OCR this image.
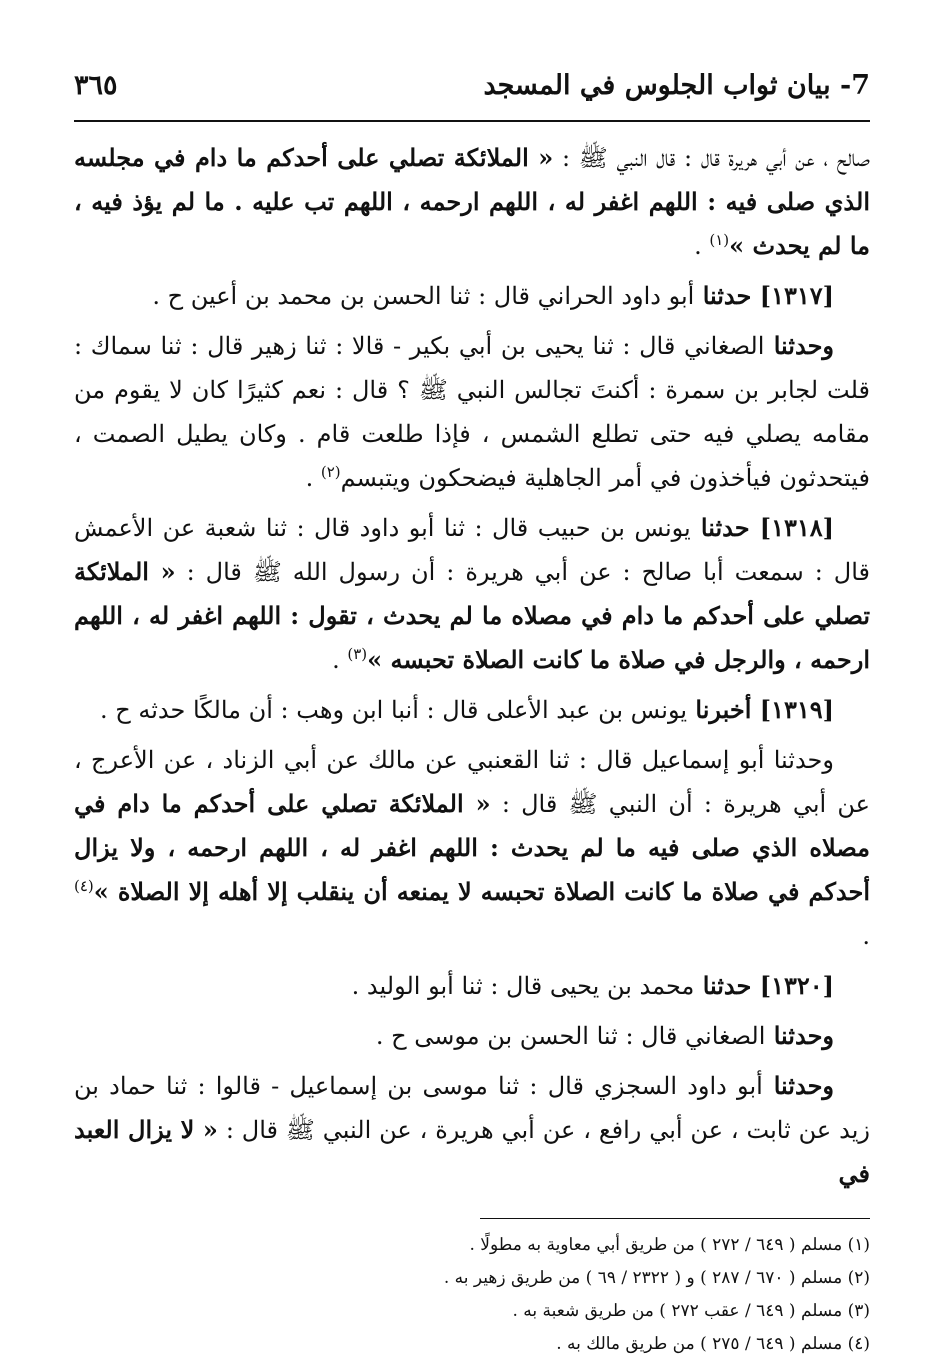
7- بيان ثواب الجلوس في المسجد
٣٦٥

صالح ، عن أبي هريرة قال : قال النبي ﷺ : « الملائكة تصلي على أحدكم ما دام في مجلسه الذي صلى فيه : اللهم اغفر له ، اللهم ارحمه ، اللهم تب عليه . ما لم يؤذ فيه ، ما لم يحدث »$^{(١)}$ .

[١٣١٧] حدثنا أبو داود الحراني قال : ثنا الحسن بن محمد بن أعين ح .

وحدثنا الصغاني قال : ثنا يحيى بن أبي بكير - قالا : ثنا زهير قال : ثنا سماك : قلت لجابر بن سمرة : أكنتَ تجالس النبي ﷺ ؟ قال : نعم كثيرًا كان لا يقوم من مقامه يصلي فيه حتى تطلع الشمس ، فإذا طلعت قام . وكان يطيل الصمت ، فيتحدثون فيأخذون في أمر الجاهلية فيضحكون ويتبسم$^{(٢)}$ .

[١٣١٨] حدثنا يونس بن حبيب قال : ثنا أبو داود قال : ثنا شعبة عن الأعمش قال : سمعت أبا صالح : عن أبي هريرة : أن رسول الله ﷺ قال : « الملائكة تصلي على أحدكم ما دام في مصلاه ما لم يحدث ، تقول : اللهم اغفر له ، اللهم ارحمه ، والرجل في صلاة ما كانت الصلاة تحبسه »$^{(٣)}$ .

[١٣١٩] أخبرنا يونس بن عبد الأعلى قال : أنبا ابن وهب : أن مالكًا حدثه ح .

وحدثنا أبو إسماعيل قال : ثنا القعنبي عن مالك عن أبي الزناد ، عن الأعرج ، عن أبي هريرة : أن النبي ﷺ قال : « الملائكة تصلي على أحدكم ما دام في مصلاه الذي صلى فيه ما لم يحدث : اللهم اغفر له ، اللهم ارحمه ، ولا يزال أحدكم في صلاة ما كانت الصلاة تحبسه لا يمنعه أن ينقلب إلا أهله إلا الصلاة »$^{(٤)}$ .

[١٣٢٠] حدثنا محمد بن يحيى قال : ثنا أبو الوليد .

وحدثنا الصغاني قال : ثنا الحسن بن موسى ح .

وحدثنا أبو داود السجزي قال : ثنا موسى بن إسماعيل - قالوا : ثنا حماد بن زيد عن ثابت ، عن أبي رافع ، عن أبي هريرة ، عن النبي ﷺ قال : « لا يزال العبد في

(١) مسلم ( ٦٤٩ / ٢٧٢ ) من طريق أبي معاوية به مطولًا .
(٢) مسلم ( ٦٧٠ / ٢٨٧ ) و ( ٢٣٢٢ / ٦٩ ) من طريق زهير به .
(٣) مسلم ( ٦٤٩ / عقب ٢٧٢ ) من طريق شعبة به .
(٤) مسلم ( ٦٤٩ / ٢٧٥ ) من طريق مالك به .
